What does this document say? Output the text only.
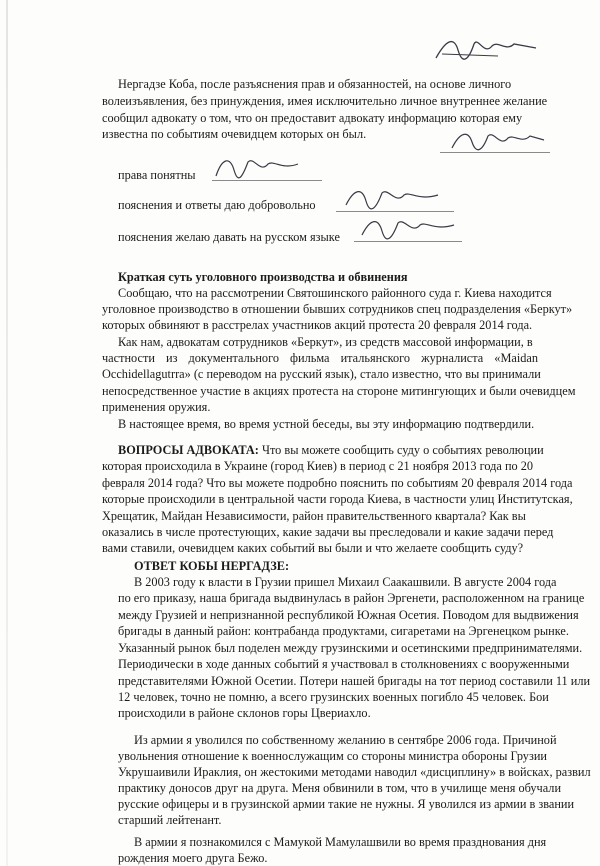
Нергадзе Коба, после разъяснения прав и обязанностей, на основе личного
волеизъявления, без принуждения, имея исключительно личное внутреннее желание
сообщил адвокату о том, что он предоставит адвокату информацию которая ему
известна по событиям очевидцем которых он был.
права понятны
пояснения и ответы даю добровольно
пояснения желаю давать на русском языке
Краткая суть уголовного производства и обвинения
Сообщаю, что на рассмотрении Святошинского районного суда г. Киева находится
уголовное производство в отношении бывших сотрудников спец подразделения «Беркут»
которых обвиняют в расстрелах участников акций протеста 20 февраля 2014 года.
Как нам, адвокатам сотрудников «Беркут», из средств массовой информации, в
частности из документального фильма итальянского журналиста «Maidan
Occhidellagutrra» (с переводом на русский язык), стало известно, что вы принимали
непосредственное участие в акциях протеста на стороне митингующих и были очевидцем
применения оружия.
В настоящее время, во время устной беседы, вы эту информацию подтвердили.
ВОПРОСЫ АДВОКАТА: Что вы можете сообщить суду о событиях революции
которая происходила в Украине (город Киев) в период с 21 ноября 2013 года по 20
февраля 2014 года? Что вы можете подробно пояснить по событиям 20 февраля 2014 года
которые происходили в центральной части города Киева, в частности улиц Институтская,
Хрещатик, Майдан Независимости, район правительственного квартала? Как вы
оказались в числе протестующих, какие задачи вы преследовали и какие задачи перед
вами ставили, очевидцем каких событий вы были и что желаете сообщить суду?
ОТВЕТ КОБЫ НЕРГАДЗЕ:
В 2003 году к власти в Грузии пришел Михаил Саакашвили. В августе 2004 года
по его приказу, наша бригада выдвинулась в район Эргенети, расположенном на границе
между Грузией и непризнанной республикой Южная Осетия. Поводом для выдвижения
бригады в данный район: контрабанда продуктами, сигаретами на Эргенецком рынке.
Указанный рынок был поделен между грузинскими и осетинскими предпринимателями.
Периодически в ходе данных событий я участвовал в столкновениях с вооруженными
представителями Южной Осетии. Потери нашей бригады на тот период составили 11 или
12 человек, точно не помню, а всего грузинских военных погибло 45 человек. Бои
происходили в районе склонов горы Цвериахло.
Из армии я уволился по собственному желанию в сентябре 2006 года. Причиной
увольнения отношение к военнослужащим со стороны министра обороны Грузии
Укрушаивили Ираклия, он жестокими методами наводил «дисциплину» в войсках, развил
практику доносов друг на друга. Меня обвинили в том, что в училище меня обучали
русские офицеры и в грузинской армии такие не нужны. Я уволился из армии в звании
старший лейтенант.
В армии я познакомился с Мамукой Мамулашвили во время празднования дня
рождения моего друга Бежо.
